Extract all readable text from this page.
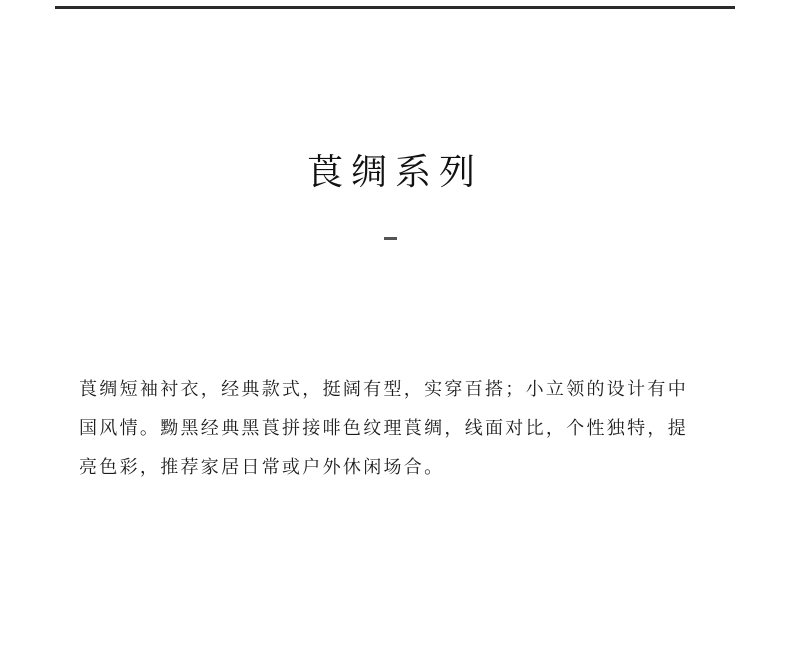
莨绸系列

莨绸短袖衬衣，经典款式，挺阔有型，实穿百搭；小立领的设计有中国风情。黝黑经典黑莨拼接啡色纹理莨绸，线面对比，个性独特，提亮色彩，推荐家居日常或户外休闲场合。
